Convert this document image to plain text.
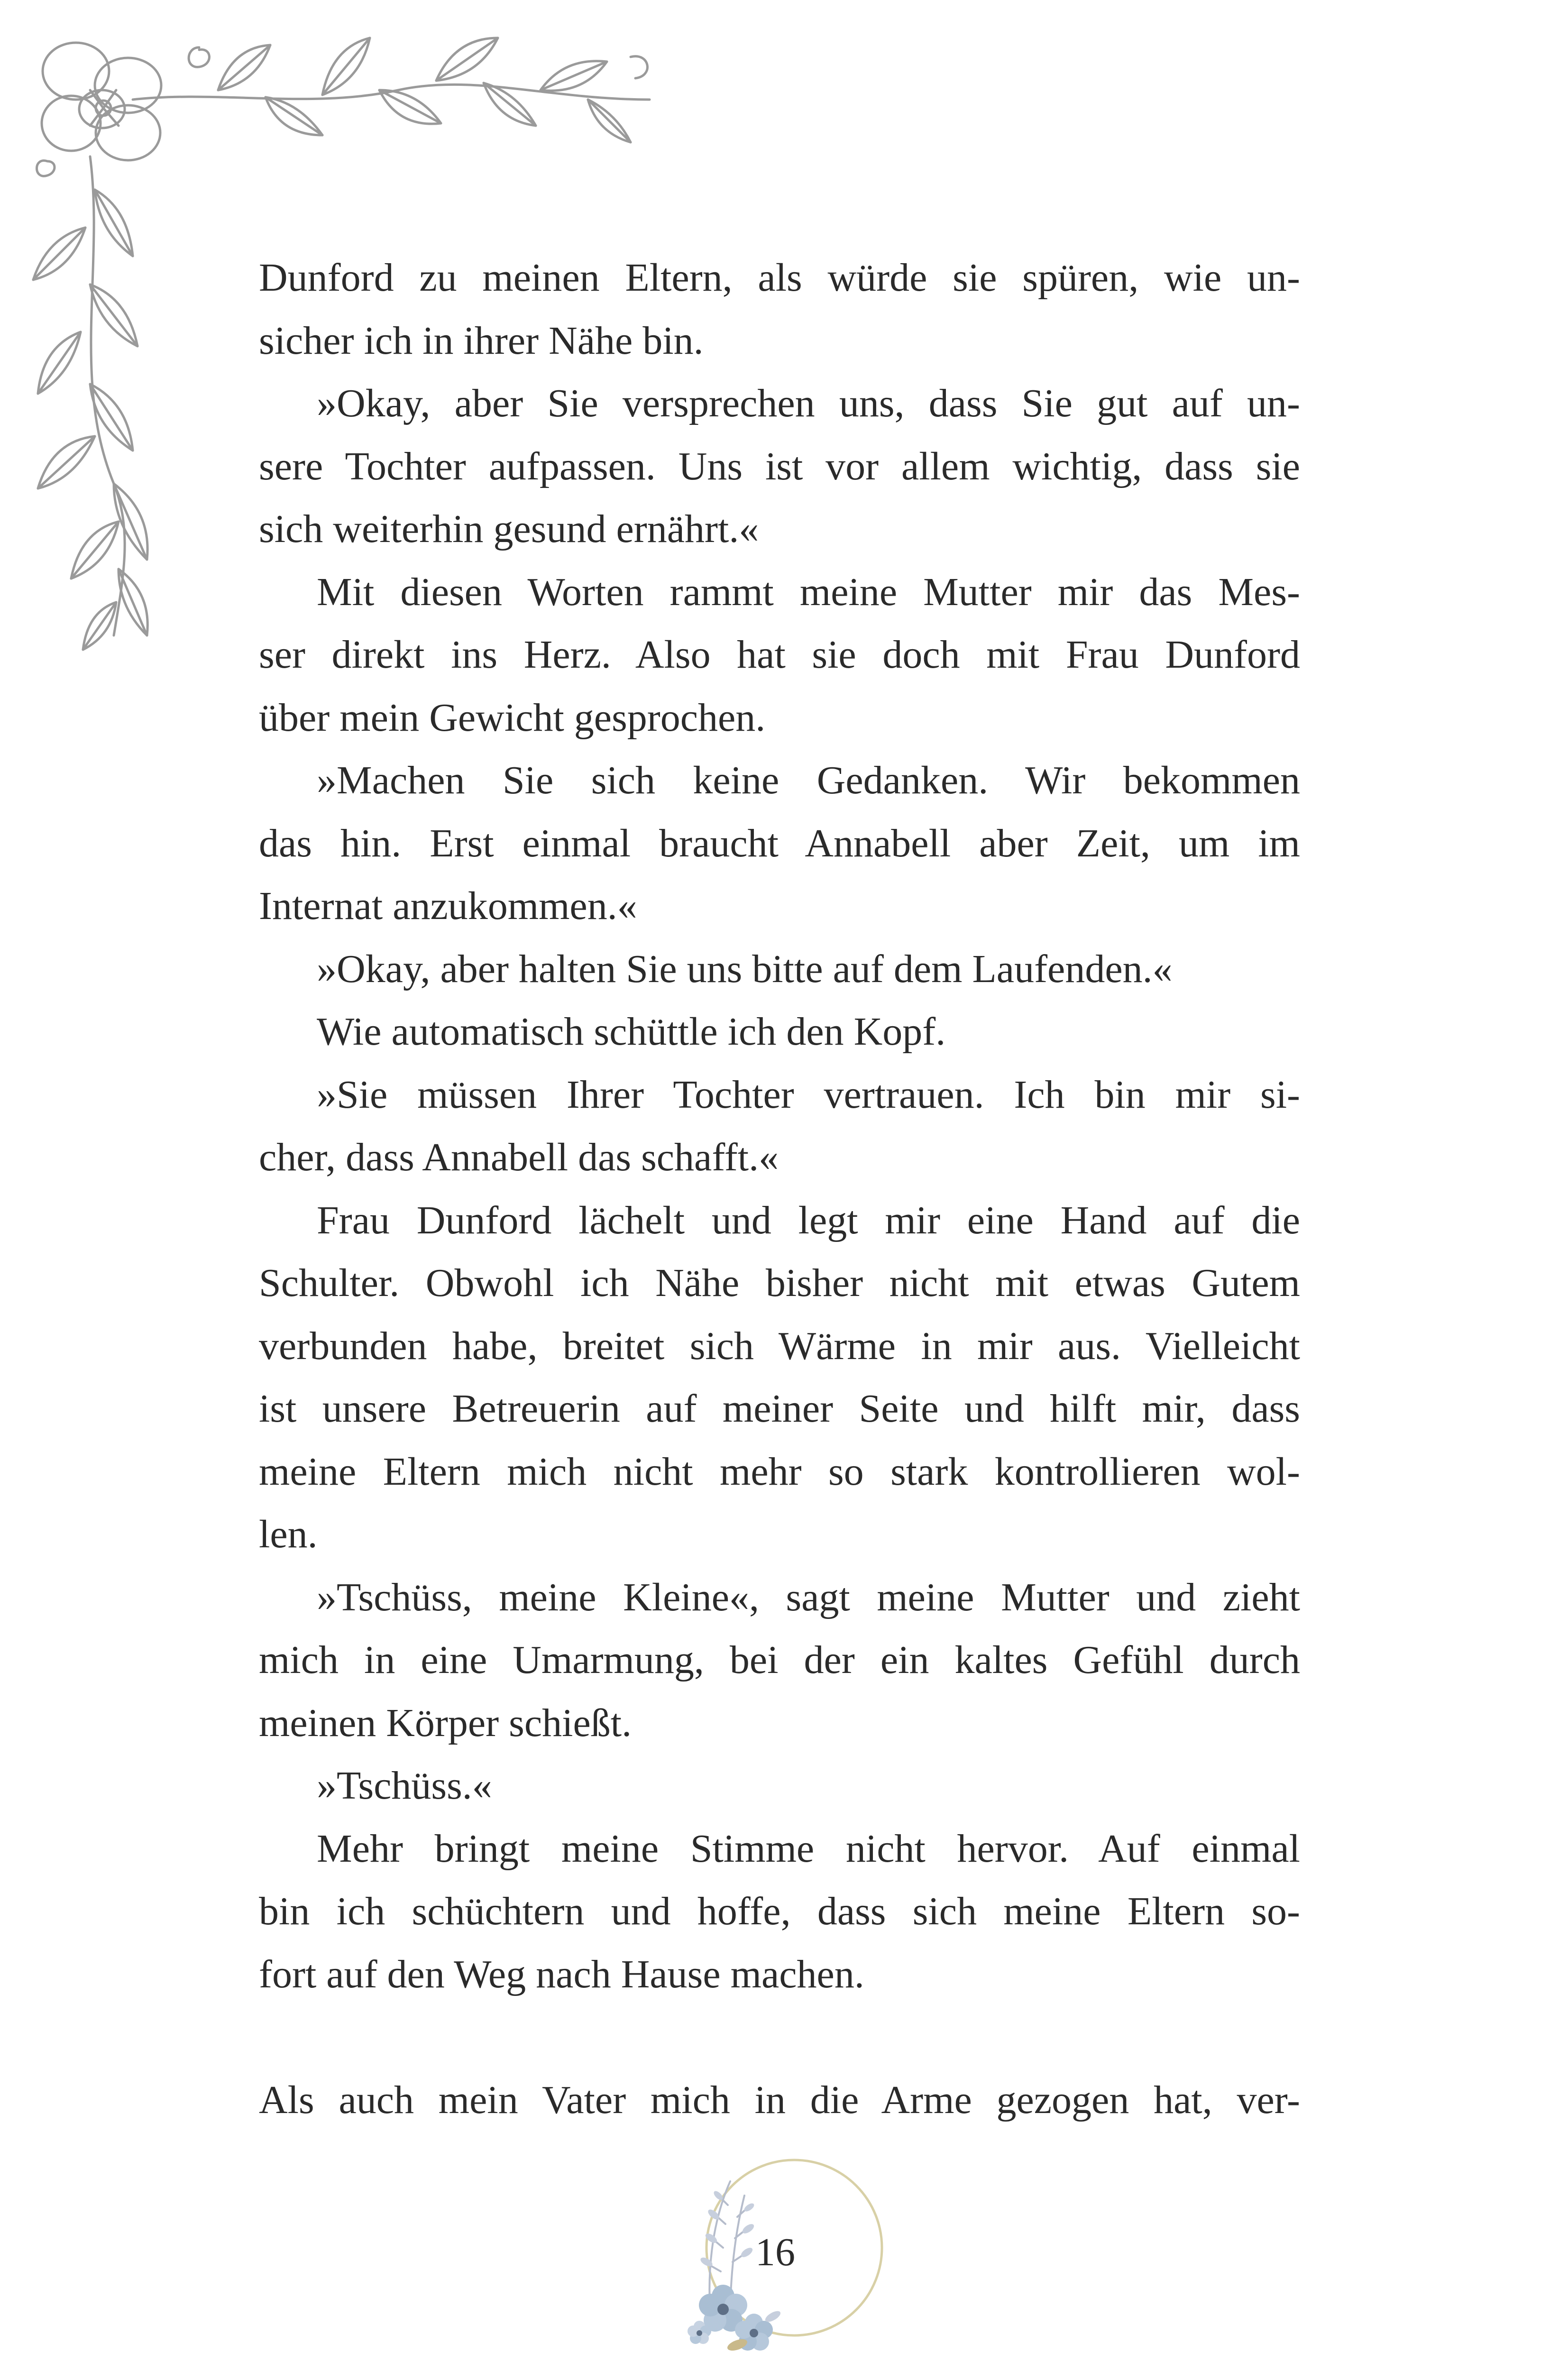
Dunford zu meinen Eltern, als würde sie spüren, wie un-
sicher ich in ihrer Nähe bin.
»Okay, aber Sie versprechen uns, dass Sie gut auf un-
sere Tochter aufpassen. Uns ist vor allem wichtig, dass sie
sich weiterhin gesund ernährt.«
Mit diesen Worten rammt meine Mutter mir das Mes-
ser direkt ins Herz. Also hat sie doch mit Frau Dunford
über mein Gewicht gesprochen.
»Machen Sie sich keine Gedanken. Wir bekommen
das hin. Erst einmal braucht Annabell aber Zeit, um im
Internat anzukommen.«
»Okay, aber halten Sie uns bitte auf dem Laufenden.«
Wie automatisch schüttle ich den Kopf.
»Sie müssen Ihrer Tochter vertrauen. Ich bin mir si-
cher, dass Annabell das schafft.«
Frau Dunford lächelt und legt mir eine Hand auf die
Schulter. Obwohl ich Nähe bisher nicht mit etwas Gutem
verbunden habe, breitet sich Wärme in mir aus. Vielleicht
ist unsere Betreuerin auf meiner Seite und hilft mir, dass
meine Eltern mich nicht mehr so stark kontrollieren wol-
len.
»Tschüss, meine Kleine«, sagt meine Mutter und zieht
mich in eine Umarmung, bei der ein kaltes Gefühl durch
meinen Körper schießt.
»Tschüss.«
Mehr bringt meine Stimme nicht hervor. Auf einmal
bin ich schüchtern und hoffe, dass sich meine Eltern so-
fort auf den Weg nach Hause machen.
Als auch mein Vater mich in die Arme gezogen hat, ver-
16
